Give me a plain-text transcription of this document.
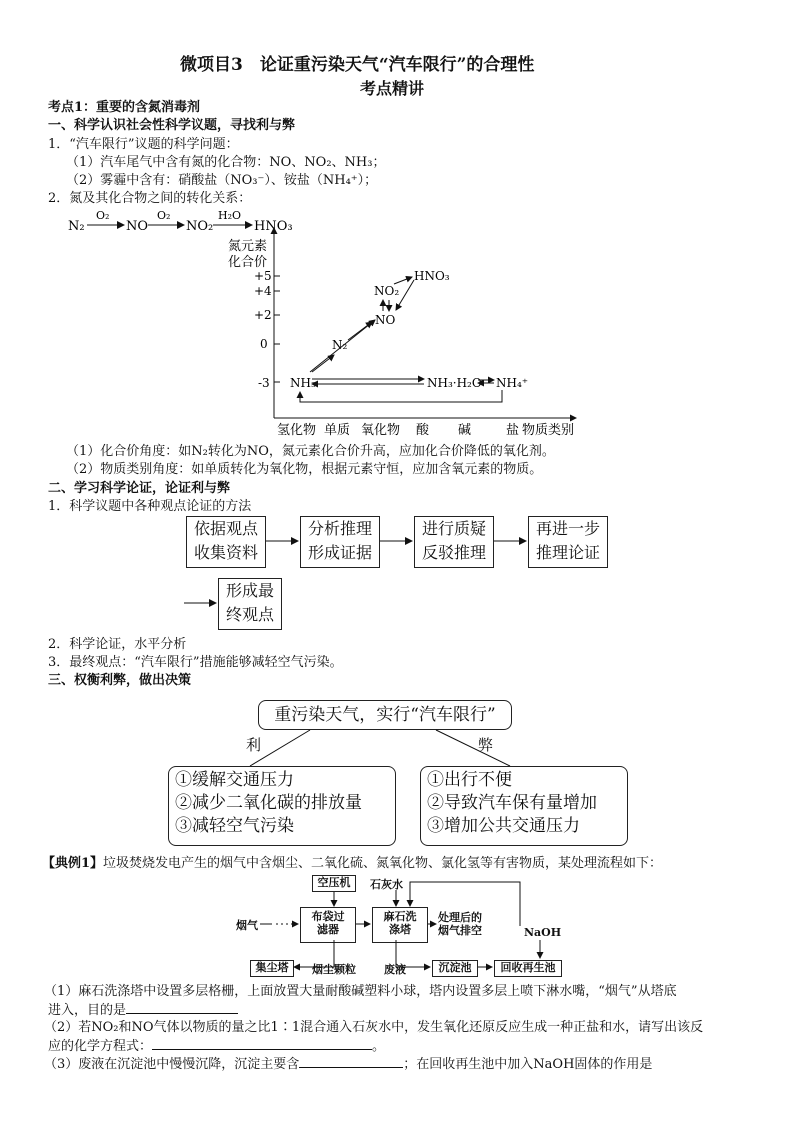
微项目3　论证重污染天气“汽车限行”的合理性
考点精讲
考点1：重要的含氮消毒剂
一、科学认识社会性科学议题，寻找利与弊
1．“汽车限行”议题的科学问题：
（1）汽车尾气中含有氮的化合物：NO、NO₂、NH₃；
（2）雾霾中含有：硝酸盐（NO₃⁻）、铵盐（NH₄⁺）；
2．氮及其化合物之间的转化关系：
N₂
O₂
NO
O₂
NO₂
H₂O
HNO₃
氮元素
化合价
+5
+4
+2
0
-3
氢化物 单质 氧化物 酸 碱	盐 物质类别
HNO₃
NO₂
NO
N₂
NH₃	NH₃·H₂O NH₄⁺
（1）化合价角度：如N₂转化为NO，氮元素化合价升高，应加化合价降低的氧化剂。
（2）物质类别角度：如单质转化为氧化物，根据元素守恒，应加含氧元素的物质。
二、学习科学论证，论证利与弊
1．科学议题中各种观点论证的方法
依据观点
收集资料
分析推理
形成证据
进行质疑
反驳推理
再进一步
推理论证
形成最
终观点
2．科学论证，水平分析
3．最终观点：“汽车限行”措施能够减轻空气污染。
三、权衡利弊，做出决策
重污染天气，实行“汽车限行”
利	弊
①缓解交通压力
②减少二氧化碳的排放量
③减轻空气污染
①出行不便
②导致汽车保有量增加
③增加公共交通压力
【典例1】垃圾焚烧发电产生的烟气中含烟尘、二氧化硫、氮氧化物、氯化氢等有害物质，某处理流程如下：
空压机	石灰水
烟气
布袋过
滤器
麻石洗
涤塔
处理后的
烟气排空	NaOH
集尘塔	烟尘颗粒	废液	沉淀池	回收再生池
（1）麻石洗涤塔中设置多层格栅，上面放置大量耐酸碱塑料小球，塔内设置多层上喷下淋水嘴，“烟气”从塔底
进入，目的是
（2）若NO₂和NO气体以物质的量之比1∶1混合通入石灰水中，发生氧化还原反应生成一种正盐和水，请写出该反
应的化学方程式：	。
（3）废液在沉淀池中慢慢沉降，沉淀主要含	；在回收再生池中加入NaOH固体的作用是
